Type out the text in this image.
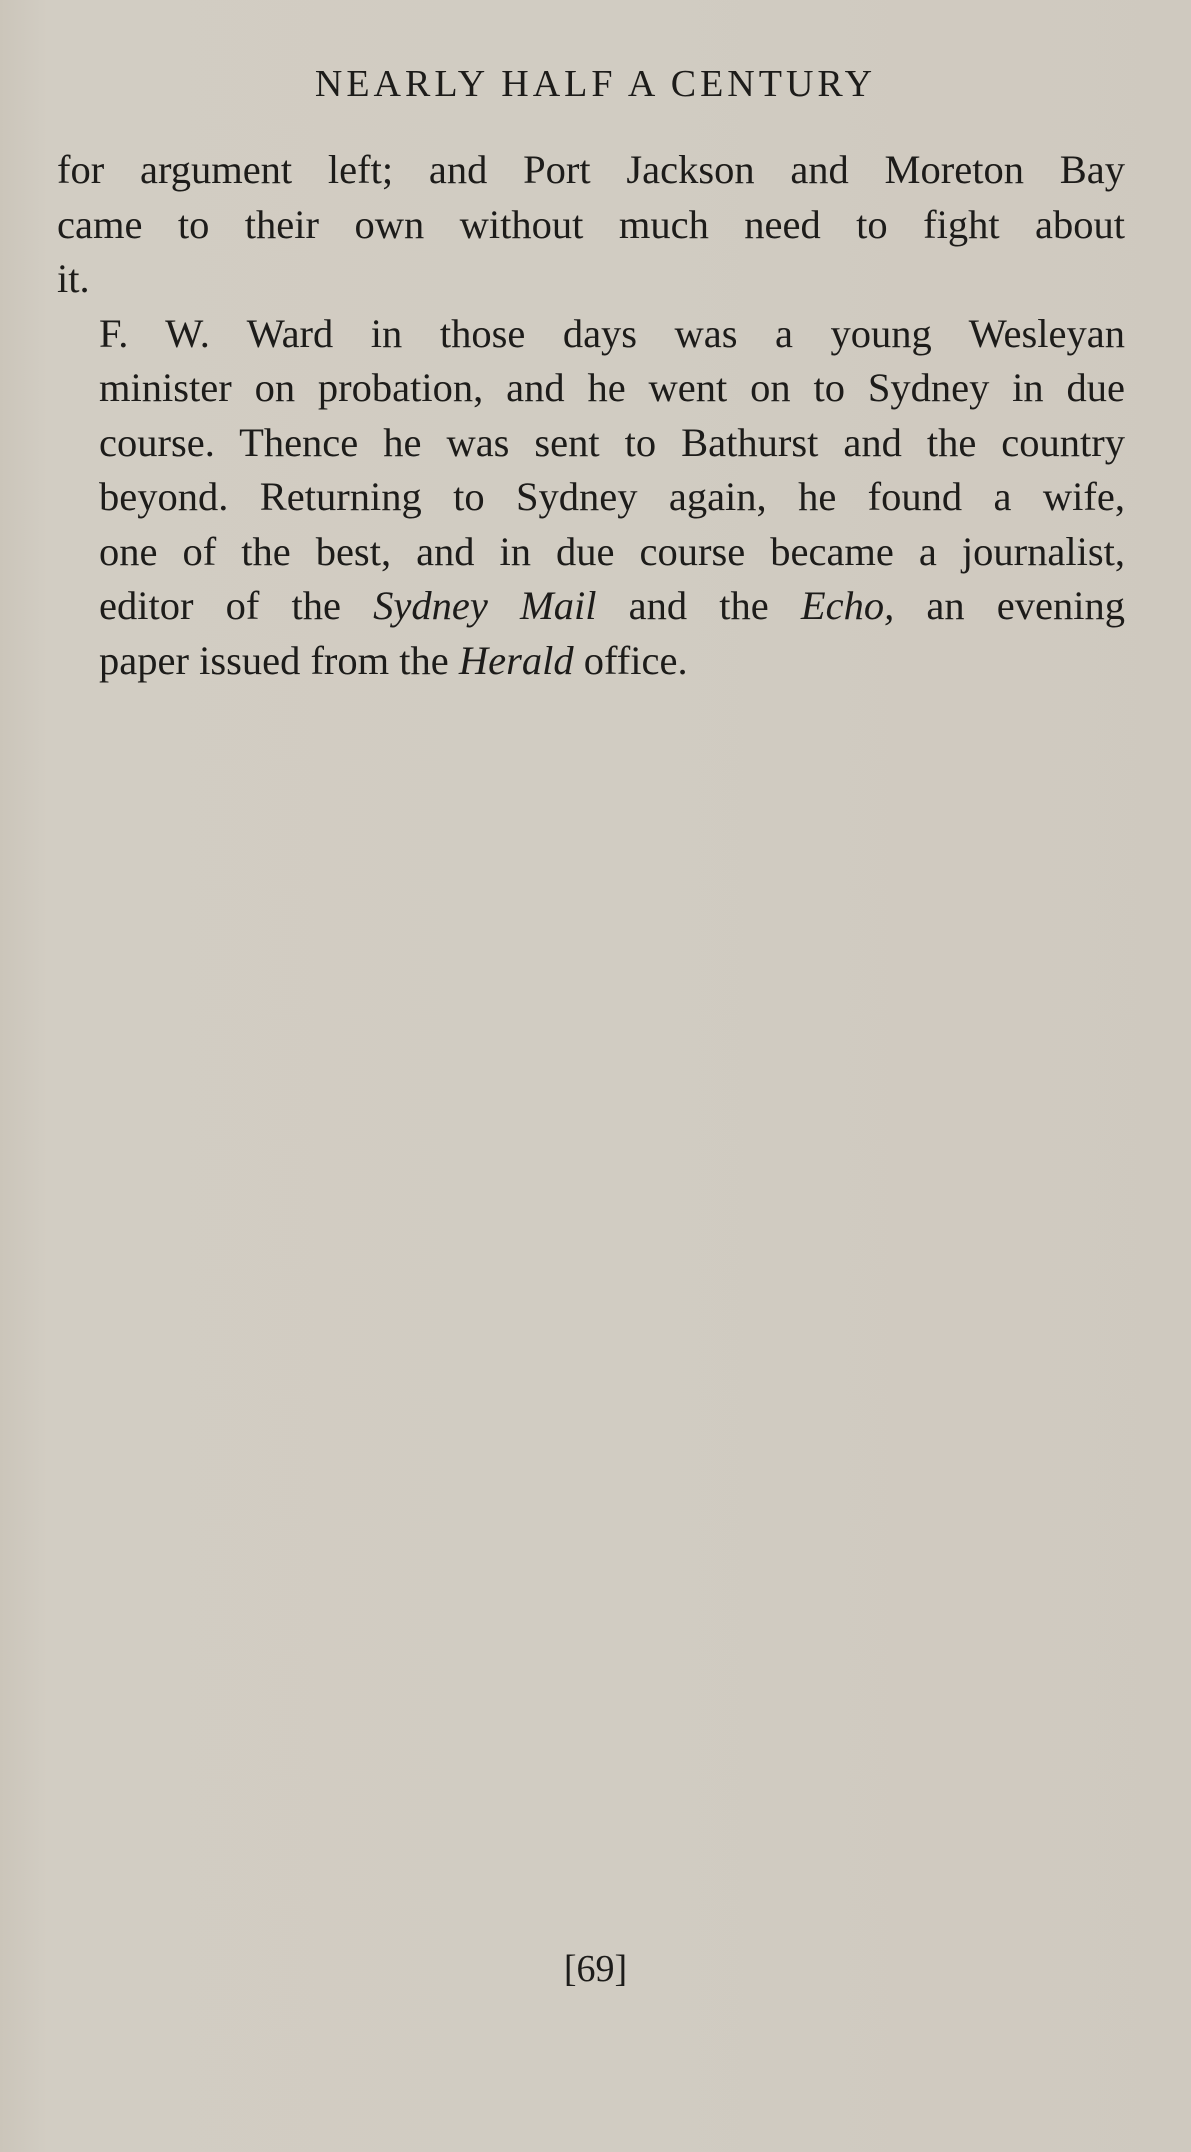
NEARLY HALF A CENTURY

for argument left; and Port Jackson and Moreton Bay
came to their own without much need to fight about
it.

F. W. Ward in those days was a young Wesleyan
minister on probation, and he went on to Sydney in due
course. Thence he was sent to Bathurst and the country
beyond. Returning to Sydney again, he found a wife,
one of the best, and in due course became a journalist,
editor of the Sydney Mail and the Echo, an evening
paper issued from the Herald office.

[69]
